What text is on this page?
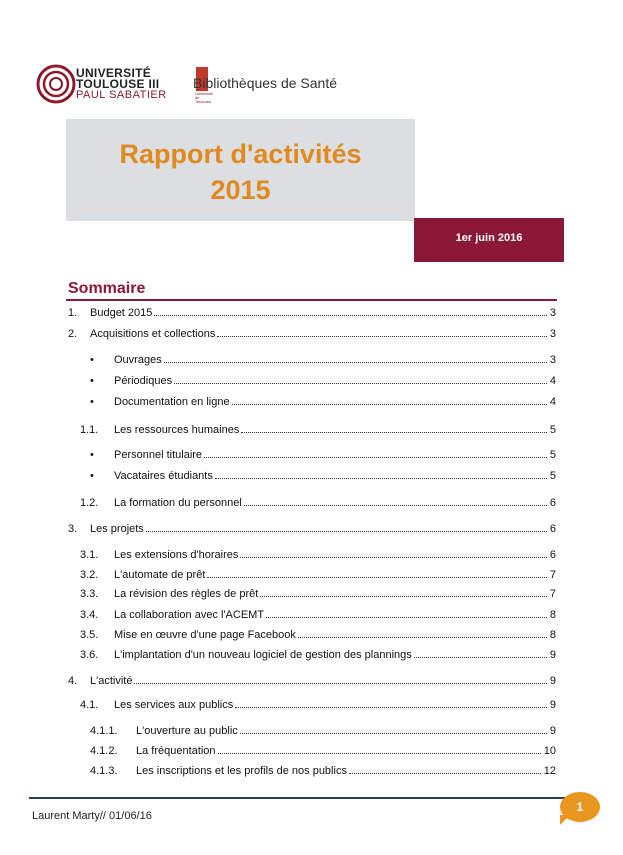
UNIVERSITÉ
TOULOUSE III
PAUL SABATIER	Université de Toulouse
Bibliothèques de Santé
Rapport d'activités
2015
1er juin 2016
Sommaire
1.	Budget 2015	3
2.	Acquisitions et collections	3
•	Ouvrages	3
•	Périodiques	4
•	Documentation en ligne	4
1.1.	Les ressources humaines	5
•	Personnel titulaire	5
•	Vacataires étudiants	5
1.2.	La formation du personnel	6
3.	Les projets	6
3.1.	Les extensions d'horaires	6
3.2.	L'automate de prêt	7
3.3.	La révision des règles de prêt	7
3.4.	La collaboration avec l'ACEMT	8
3.5.	Mise en œuvre d'une page Facebook	8
3.6.	L'implantation d'un nouveau logiciel de gestion des plannings	9
4.	L'activité	9
4.1.	Les services aux publics	9
4.1.1.	L'ouverture au public	9
4.1.2.	La fréquentation	10
4.1.3.	Les inscriptions et les profils de nos publics	12
Laurent Marty// 01/06/16
1
